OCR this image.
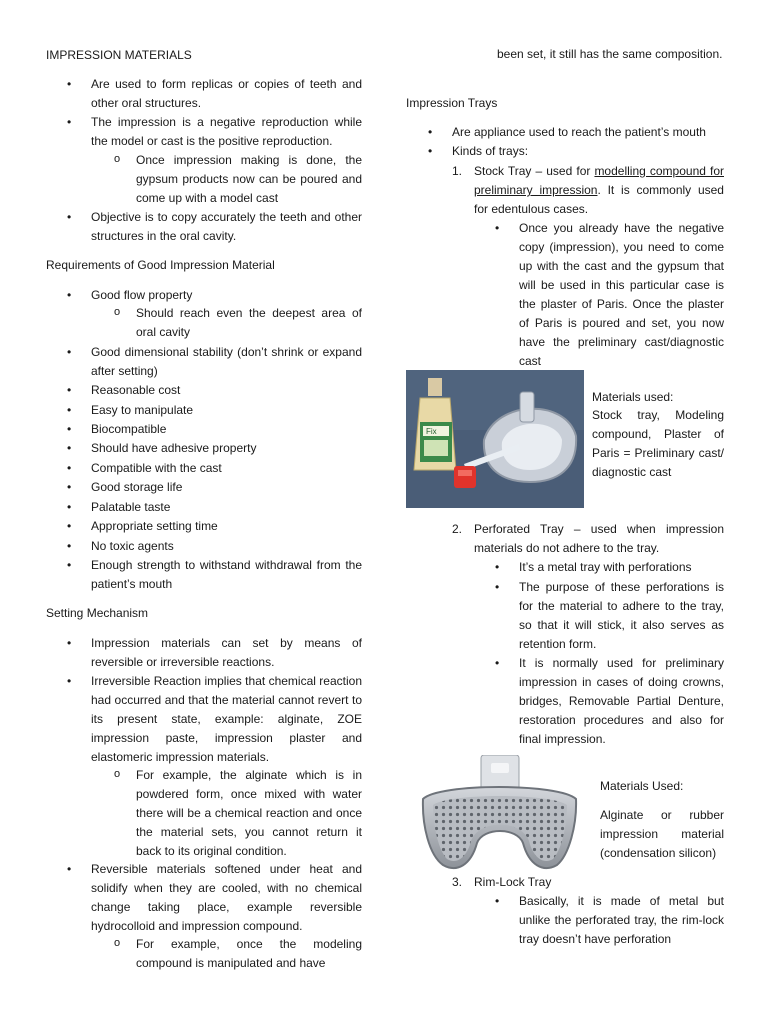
IMPRESSION MATERIALS
• Are used to form replicas or copies of teeth and other oral structures.
• The impression is a negative reproduction while the model or cast is the positive reproduction.
o Once impression making is done, the gypsum products now can be poured and come up with a model cast
• Objective is to copy accurately the teeth and other structures in the oral cavity.
Requirements of Good Impression Material
• Good flow property
o Should reach even the deepest area of oral cavity
• Good dimensional stability (don’t shrink or expand after setting)
• Reasonable cost
• Easy to manipulate
• Biocompatible
• Should have adhesive property
• Compatible with the cast
• Good storage life
• Palatable taste
• Appropriate setting time
• No toxic agents
• Enough strength to withstand withdrawal from the patient’s mouth
Setting Mechanism
• Impression materials can set by means of reversible or irreversible reactions.
• Irreversible Reaction implies that chemical reaction had occurred and that the material cannot revert to its present state, example: alginate, ZOE impression paste, impression plaster and elastomeric impression materials.
o For example, the alginate which is in powdered form, once mixed with water there will be a chemical reaction and once the material sets, you cannot return it back to its original condition.
• Reversible materials softened under heat and solidify when they are cooled, with no chemical change taking place, example reversible hydrocolloid and impression compound.
o For example, once the modeling compound is manipulated and have
been set, it still has the same composition.
Impression Trays
• Are appliance used to reach the patient’s mouth
• Kinds of trays:
1. Stock Tray – used for modelling compound for preliminary impression. It is commonly used for edentulous cases.
• Once you already have the negative copy (impression), you need to come up with the cast and the gypsum that will be used in this particular case is the plaster of Paris. Once the plaster of Paris is poured and set, you now have the preliminary cast/diagnostic cast
Fix
Materials used:
Stock tray, Modeling compound, Plaster of Paris = Preliminary cast/ diagnostic cast
2. Perforated Tray – used when impression materials do not adhere to the tray.
• It’s a metal tray with perforations
• The purpose of these perforations is for the material to adhere to the tray, so that it will stick, it also serves as retention form.
• It is normally used for preliminary impression in cases of doing crowns, bridges, Removable Partial Denture, restoration procedures and also for final impression.
Materials Used:
Alginate or rubber impression material (condensation silicon)
3. Rim-Lock Tray
• Basically, it is made of metal but unlike the perforated tray, the rim-lock tray doesn’t have perforation
